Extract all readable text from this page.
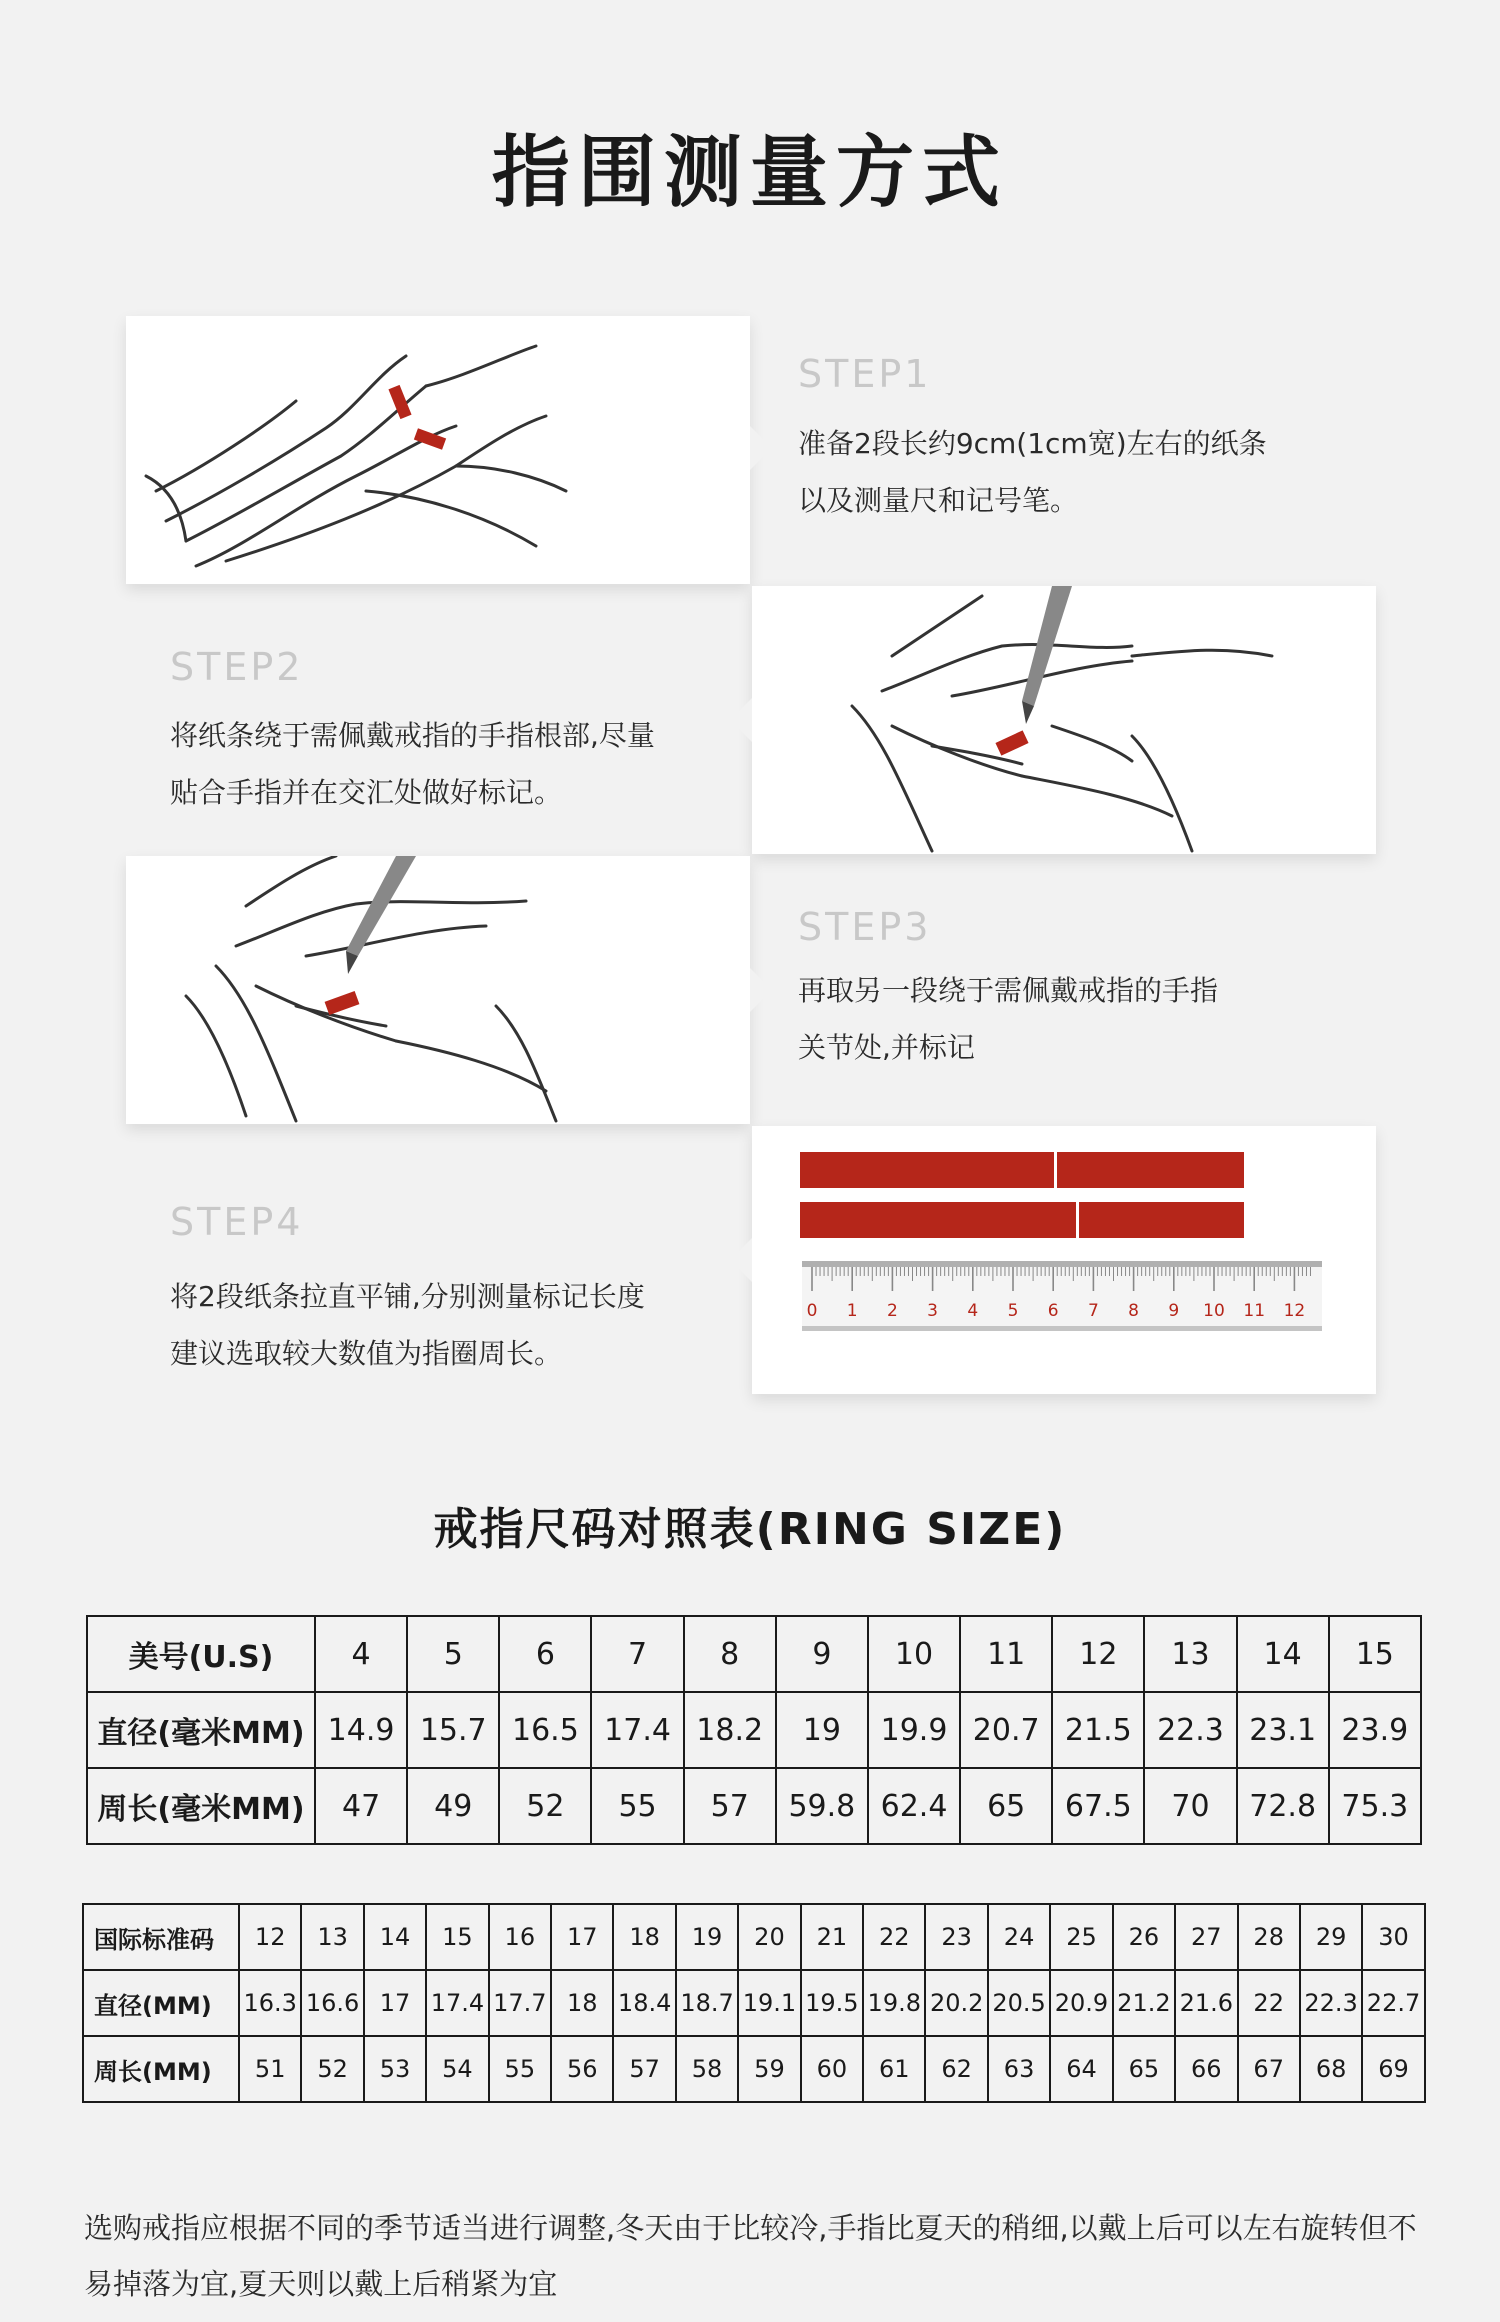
指围测量方式
STEP1
准备2段长约9cm(1cm宽)左右的纸条
以及测量尺和记号笔。
STEP2
将纸条绕于需佩戴戒指的手指根部,尽量
贴合手指并在交汇处做好标记。
STEP3
再取另一段绕于需佩戴戒指的手指
关节处,并标记
STEP4
将2段纸条拉直平铺,分别测量标记长度
建议选取较大数值为指圈周长。
0 1 2 3 4 5 6 7 8 9 10 11 12
戒指尺码对照表(RING SIZE)
美号(U.S)	4	5	6	7	8	9	10	11	12	13	14	15
直径(毫米MM)	14.9	15.7	16.5	17.4	18.2	19	19.9	20.7	21.5	22.3	23.1	23.9
周长(毫米MM)	47	49	52	55	57	59.8	62.4	65	67.5	70	72.8	75.3
国际标准码	12	13	14	15	16	17	18	19	20	21	22	23	24	25	26	27	28	29	30
直径(MM)	16.3	16.6	17	17.4	17.7	18	18.4	18.7	19.1	19.5	19.8	20.2	20.5	20.9	21.2	21.6	22	22.3	22.7
周长(MM)	51	52	53	54	55	56	57	58	59	60	61	62	63	64	65	66	67	68	69
选购戒指应根据不同的季节适当进行调整,冬天由于比较冷,手指比夏天的稍细,以戴上后可以左右旋转但不易掉落为宜,夏天则以戴上后稍紧为宜
